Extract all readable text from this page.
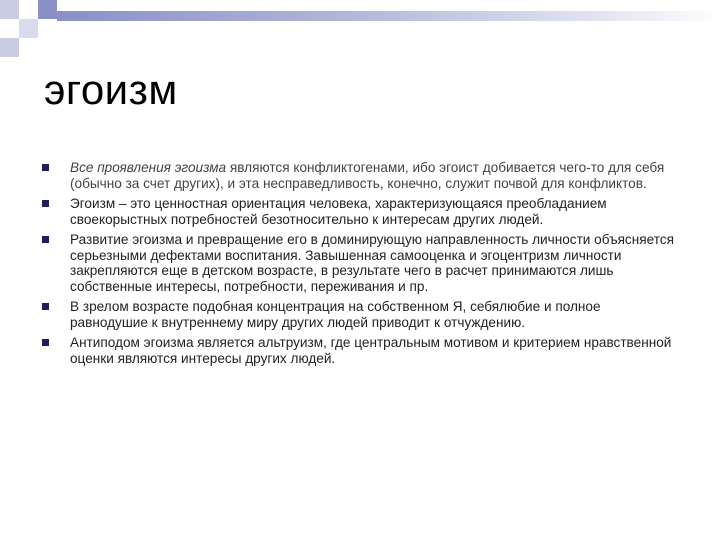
эгоизм
Все проявления эгоизма являются конфликтогенами, ибо эгоист добивается чего-то для себя (обычно за счет других), и эта несправедливость, конечно, служит почвой для конфликтов.
Эгоизм – это ценностная ориентация человека, характеризующаяся преобладанием своекорыстных потребностей безотносительно к интересам других людей.
Развитие эгоизма и превращение его в доминирующую направленность личности объясняется серьезными дефектами воспитания. Завышенная самооценка и эгоцентризм личности закрепляются еще в детском возрасте, в результате чего в расчет принимаются лишь собственные интересы, потребности, переживания и пр.
В зрелом возрасте подобная концентрация на собственном Я, себялюбие и полное равнодушие к внутреннему миру других людей приводит к отчуждению.
Антиподом эгоизма является альтруизм, где центральным мотивом и критерием нравственной оценки являются интересы других людей.
